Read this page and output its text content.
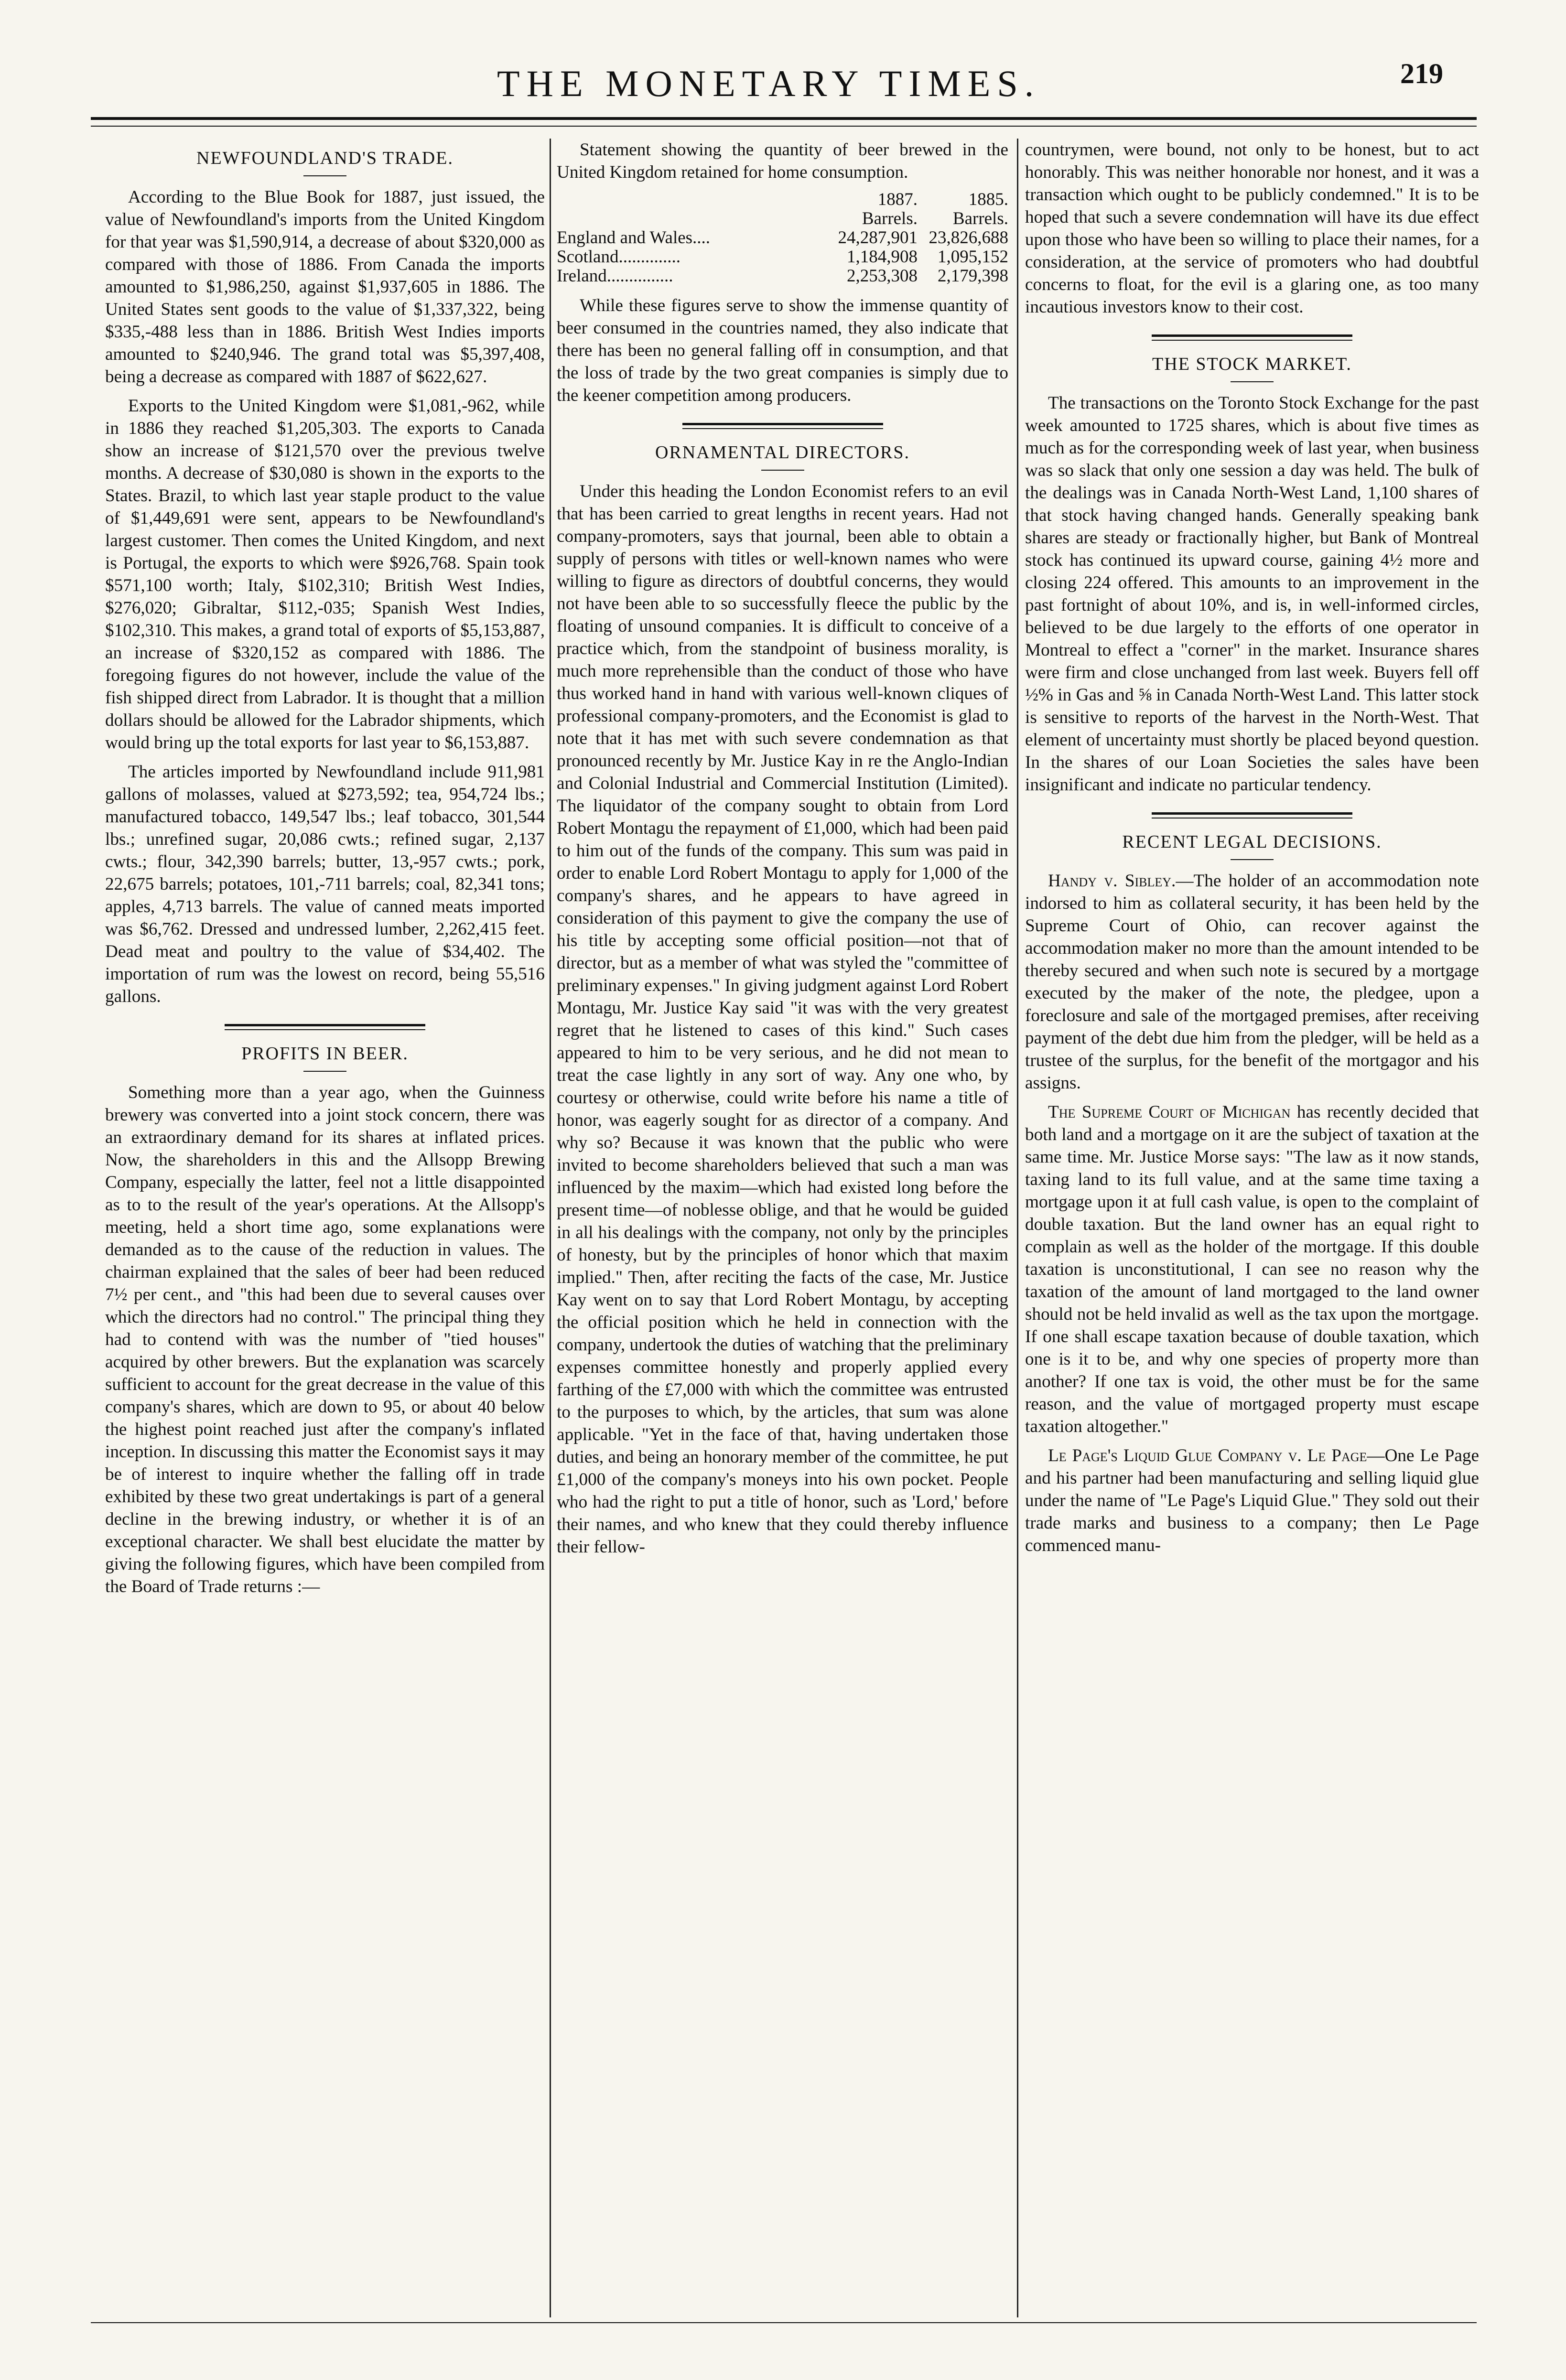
THE MONETARY TIMES.	219
NEWFOUNDLAND'S TRADE.

According to the Blue Book for 1887, just issued, the value of Newfoundland's imports from the United Kingdom for that year was $1,590,914, a decrease of about $320,000 as compared with those of 1886. From Canada the imports amounted to $1,986,250, against $1,937,605 in 1886. The United States sent goods to the value of $1,337,322, being $335,-488 less than in 1886. British West Indies imports amounted to $240,946. The grand total was $5,397,408, being a decrease as compared with 1887 of $622,627.

Exports to the United Kingdom were $1,081,-962, while in 1886 they reached $1,205,303. The exports to Canada show an increase of $121,570 over the previous twelve months. A decrease of $30,080 is shown in the exports to the States. Brazil, to which last year staple product to the value of $1,449,691 were sent, appears to be Newfoundland's largest customer. Then comes the United Kingdom, and next is Portugal, the exports to which were $926,768. Spain took $571,100 worth; Italy, $102,310; British West Indies, $276,020; Gibraltar, $112,-035; Spanish West Indies, $102,310. This makes, a grand total of exports of $5,153,887, an increase of $320,152 as compared with 1886. The foregoing figures do not however, include the value of the fish shipped direct from Labrador. It is thought that a million dollars should be allowed for the Labrador shipments, which would bring up the total exports for last year to $6,153,887.

The articles imported by Newfoundland include 911,981 gallons of molasses, valued at $273,592; tea, 954,724 lbs.; manufactured tobacco, 149,547 lbs.; leaf tobacco, 301,544 lbs.; unrefined sugar, 20,086 cwts.; refined sugar, 2,137 cwts.; flour, 342,390 barrels; butter, 13,-957 cwts.; pork, 22,675 barrels; potatoes, 101,-711 barrels; coal, 82,341 tons; apples, 4,713 barrels. The value of canned meats imported was $6,762. Dressed and undressed lumber, 2,262,415 feet. Dead meat and poultry to the value of $34,402. The importation of rum was the lowest on record, being 55,516 gallons.

PROFITS IN BEER.

Something more than a year ago, when the Guinness brewery was converted into a joint stock concern, there was an extraordinary demand for its shares at inflated prices. Now, the shareholders in this and the Allsopp Brewing Company, especially the latter, feel not a little disappointed as to to the result of the year's operations. At the Allsopp's meeting, held a short time ago, some explanations were demanded as to the cause of the reduction in values. The chairman explained that the sales of beer had been reduced 7½ per cent., and "this had been due to several causes over which the directors had no control." The principal thing they had to contend with was the number of "tied houses" acquired by other brewers. But the explanation was scarcely sufficient to account for the great decrease in the value of this company's shares, which are down to 95, or about 40 below the highest point reached just after the company's inflated inception. In discussing this matter the Economist says it may be of interest to inquire whether the falling off in trade exhibited by these two great undertakings is part of a general decline in the brewing industry, or whether it is of an exceptional character. We shall best elucidate the matter by giving the following figures, which have been compiled from the Board of Trade returns :—

Statement showing the quantity of beer brewed in the United Kingdom retained for home consumption.

	1887.	1885.
	Barrels.	Barrels.
England and Wales....	24,287,901	23,826,688
Scotland..............	1,184,908	1,095,152
Ireland...............	2,253,308	2,179,398

While these figures serve to show the immense quantity of beer consumed in the countries named, they also indicate that there has been no general falling off in consumption, and that the loss of trade by the two great companies is simply due to the keener competition among producers.

ORNAMENTAL DIRECTORS.

Under this heading the London Economist refers to an evil that has been carried to great lengths in recent years. Had not company-promoters, says that journal, been able to obtain a supply of persons with titles or well-known names who were willing to figure as directors of doubtful concerns, they would not have been able to so successfully fleece the public by the floating of unsound companies. It is difficult to conceive of a practice which, from the standpoint of business morality, is much more reprehensible than the conduct of those who have thus worked hand in hand with various well-known cliques of professional company-promoters, and the Economist is glad to note that it has met with such severe condemnation as that pronounced recently by Mr. Justice Kay in re the Anglo-Indian and Colonial Industrial and Commercial Institution (Limited). The liquidator of the company sought to obtain from Lord Robert Montagu the repayment of £1,000, which had been paid to him out of the funds of the company. This sum was paid in order to enable Lord Robert Montagu to apply for 1,000 of the company's shares, and he appears to have agreed in consideration of this payment to give the company the use of his title by accepting some official position—not that of director, but as a member of what was styled the "committee of preliminary expenses." In giving judgment against Lord Robert Montagu, Mr. Justice Kay said "it was with the very greatest regret that he listened to cases of this kind." Such cases appeared to him to be very serious, and he did not mean to treat the case lightly in any sort of way. Any one who, by courtesy or otherwise, could write before his name a title of honor, was eagerly sought for as director of a company. And why so? Because it was known that the public who were invited to become shareholders believed that such a man was influenced by the maxim—which had existed long before the present time—of noblesse oblige, and that he would be guided in all his dealings with the company, not only by the principles of honesty, but by the principles of honor which that maxim implied." Then, after reciting the facts of the case, Mr. Justice Kay went on to say that Lord Robert Montagu, by accepting the official position which he held in connection with the company, undertook the duties of watching that the preliminary expenses committee honestly and properly applied every farthing of the £7,000 with which the committee was entrusted to the purposes to which, by the articles, that sum was alone applicable. "Yet in the face of that, having undertaken those duties, and being an honorary member of the committee, he put £1,000 of the company's moneys into his own pocket. People who had the right to put a title of honor, such as 'Lord,' before their names, and who knew that they could thereby influence their fellow-

countrymen, were bound, not only to be honest, but to act honorably. This was neither honorable nor honest, and it was a transaction which ought to be publicly condemned." It is to be hoped that such a severe condemnation will have its due effect upon those who have been so willing to place their names, for a consideration, at the service of promoters who had doubtful concerns to float, for the evil is a glaring one, as too many incautious investors know to their cost.

THE STOCK MARKET.

The transactions on the Toronto Stock Exchange for the past week amounted to 1725 shares, which is about five times as much as for the corresponding week of last year, when business was so slack that only one session a day was held. The bulk of the dealings was in Canada North-West Land, 1,100 shares of that stock having changed hands. Generally speaking bank shares are steady or fractionally higher, but Bank of Montreal stock has continued its upward course, gaining 4½ more and closing 224 offered. This amounts to an improvement in the past fortnight of about 10%, and is, in well-informed circles, believed to be due largely to the efforts of one operator in Montreal to effect a "corner" in the market. Insurance shares were firm and close unchanged from last week. Buyers fell off ½% in Gas and ⅝ in Canada North-West Land. This latter stock is sensitive to reports of the harvest in the North-West. That element of uncertainty must shortly be placed beyond question. In the shares of our Loan Societies the sales have been insignificant and indicate no particular tendency.

RECENT LEGAL DECISIONS.

Handy v. Sibley.—The holder of an accommodation note indorsed to him as collateral security, it has been held by the Supreme Court of Ohio, can recover against the accommodation maker no more than the amount intended to be thereby secured and when such note is secured by a mortgage executed by the maker of the note, the pledgee, upon a foreclosure and sale of the mortgaged premises, after receiving payment of the debt due him from the pledger, will be held as a trustee of the surplus, for the benefit of the mortgagor and his assigns.

The Supreme Court of Michigan has recently decided that both land and a mortgage on it are the subject of taxation at the same time. Mr. Justice Morse says: "The law as it now stands, taxing land to its full value, and at the same time taxing a mortgage upon it at full cash value, is open to the complaint of double taxation. But the land owner has an equal right to complain as well as the holder of the mortgage. If this double taxation is unconstitutional, I can see no reason why the taxation of the amount of land mortgaged to the land owner should not be held invalid as well as the tax upon the mortgage. If one shall escape taxation because of double taxation, which one is it to be, and why one species of property more than another? If one tax is void, the other must be for the same reason, and the value of mortgaged property must escape taxation altogether."

Le Page's Liquid Glue Company v. Le Page—One Le Page and his partner had been manufacturing and selling liquid glue under the name of "Le Page's Liquid Glue." They sold out their trade marks and business to a company; then Le Page commenced manu-
